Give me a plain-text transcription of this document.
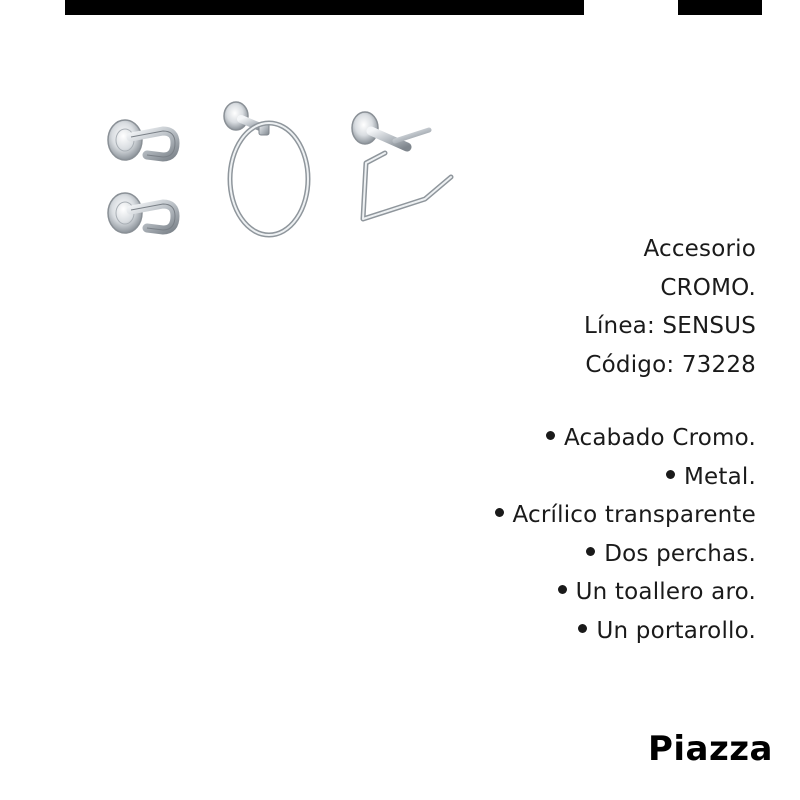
Accesorio
CROMO.
Línea: SENSUS
Código: 73228
Acabado Cromo.
Metal.
Acrílico transparente
Dos perchas.
Un toallero aro.
Un portarollo.
Piazza
